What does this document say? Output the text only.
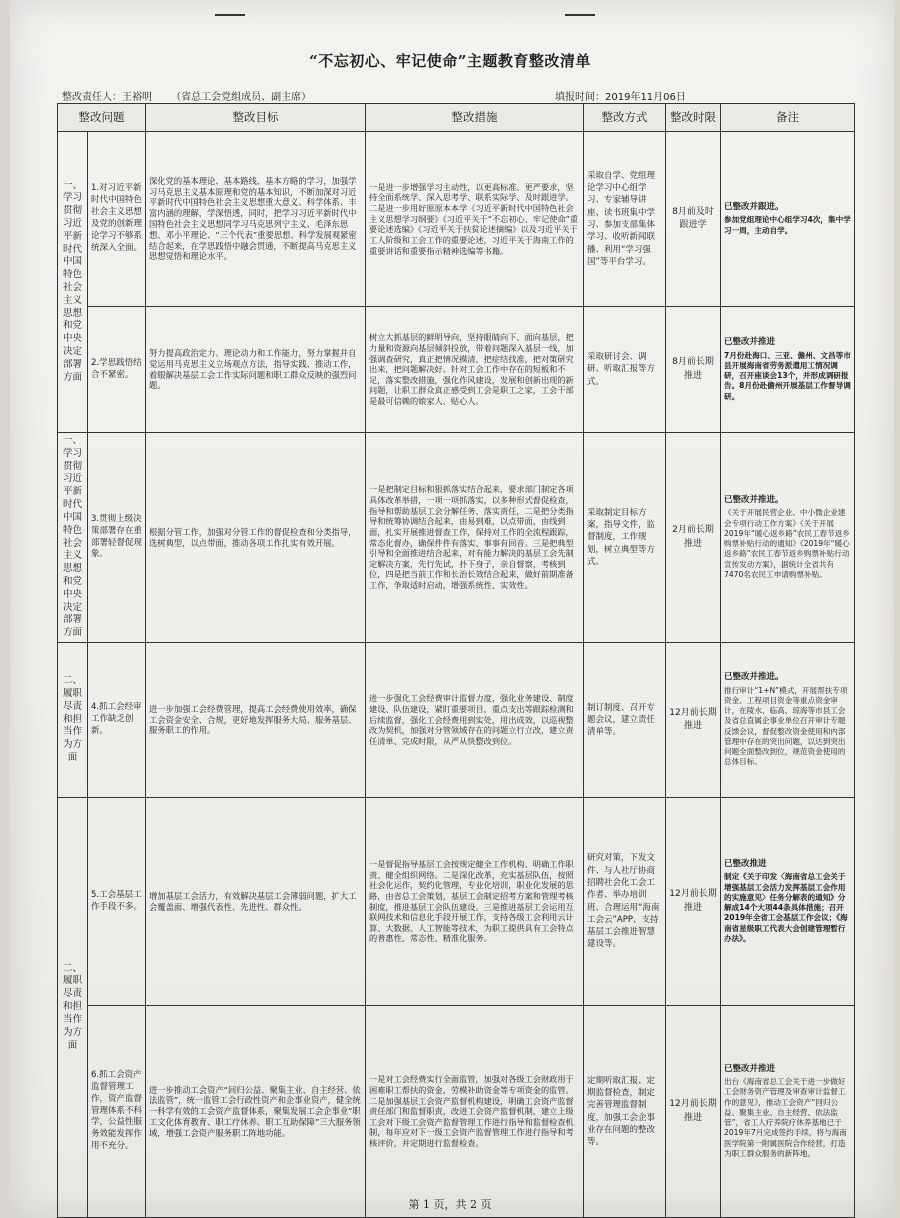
“不忘初心、牢记使命”主题教育整改清单
整改责任人：王裕明 （省总工会党组成员、副主席）	填报时间：2019年11月06日
整改问题		整改目标	整改措施	整改方式	整改时限	备注
一、学习贯彻习近平新时代中国特色社会主义思想和党中央决定部署方面	1.对习近平新时代中国特色社会主义思想及党的创新理论学习不够系统深入全面。	深化党的基本理论、基本路线、基本方略的学习，加强学习马克思主义基本原理和党的基本知识，不断加深对习近平新时代中国特色社会主义思想重大意义、科学体系、丰富内涵的理解，学深悟透，同时，把学习习近平新时代中国特色社会主义思想同学习马克思列宁主义、毛泽东思想、邓小平理论、“三个代表”重要思想、科学发展观紧密结合起来，在学思践悟中融会贯通，不断提高马克思主义思想觉悟和理论水平。	一是进一步增强学习主动性，以更高标准、更严要求，坚持全面系统学、深入思考学、联系实际学、及时跟进学。二是进一步用好原原本本学《习近平新时代中国特色社会主义思想学习纲要》《习近平关于“不忘初心、牢记使命”重要论述选编》《习近平关于扶贫论述摘编》以及习近平关于工人阶级和工会工作的重要论述，习近平关于海南工作的重要讲话和重要指示精神选编等书籍。	采取自学、党组理论学习中心组学习、专家辅导讲座、读书班集中学习、参加支部集体学习、收听新闻联播、利用“学习强国”等平台学习。	8月前及时跟进学	已整改并跟进。
参加党组理论中心组学习4次，集中学习一周，主动自学。

	2.学思践悟结合不紧密。	努力提高政治定力、理论动力和工作能力，努力掌握并自觉运用马克思主义立场观点方法，指导实践、推动工作，着眼解决基层工会工作实际问题和职工群众反映的强烈问题。	树立大抓基层的鲜明导向，坚持眼睛向下、面向基层，把力量和资源向基层倾斜投放，带着问题深入基层一线，加强调查研究，真正把情况摸清，把症结找准，把对策研究出来，把问题解决好。针对工会工作中存在的短板和不足，落实整改措施，强化作风建设，发展和创新出现的新问题，让职工群众真正感受到工会是职工之家，工会干部是最可信赖的娘家人、贴心人。	采取研讨会、调研、听取汇报等方式。	8月前长期推进	已整改并推进
7月份赴海口、三亚、儋州、文昌等市县开展海南省劳务派遣用工情况调研，召开座谈会13个，并形成调研报告。8月份赴儋州开展基层工作督导调研。

一、学习贯彻习近平新时代中国特色社会主义思想和党中央决定部署方面	3.贯彻上级决策部署存在重部署轻督促现象。	根据分管工作，加强对分管工作的督促检查和分类指导，选树典型，以点带面，推动各项工作扎实有效开展。	一是把制定目标和狠抓落实结合起来，要求部门制定各项具体改革举措，一项一项抓落实，以多种形式督促检查，指导和帮助基层工会分解任务、落实责任，二是把分类指导和统筹协调结合起来，由易到难，以点带面，由线到面，扎实开展推进督查工作，保持对工作的全流程跟踪，常态化督办，确保件件有落实、事事有回音。三是把典型引导和全面推进结合起来，对有能力解决的基层工会先制定解决方案，先行先试，扑下身子，亲自督察，考核到位，四是把当前工作和长治长效结合起来，做好前期准备工作，争取适时启动，增强系统性、实效性。	采取制定目标方案，指导文件，监督制度，工作规划，树立典型等方式。	2月前长期推进	已整改并推进。
《关于开展民营企业、中小微企业建会专项行动工作方案》《关于开展2019年“暖心返乡路”农民工春节返乡购票补贴行动的通知》《2019年“暖心返乡路”农民工春节返乡购票补贴行动宣传发动方案》，据统计全省共有7470名农民工申请购票补贴。

二、履职尽责和担当作为方面	4.抓工会经审工作缺乏创新。	进一步加强工会经费管理，提高工会经费使用效率，确保工会资金安全、合规，更好地发挥服务大局、服务基层、服务职工的作用。	进一步强化工会经费审计监督力度，强化业务建设、制度建设、队伍建设，紧盯重要项目，重点支出等跟踪检测和后续监督，强化工会经费用到实处，用出成效，以巡视整改为契机，加强对分管领域存在的问题立行立改，建立责任清单、完成时限，从严从快整改到位。	制订制度、召开专题会议，建立责任清单等。	12月前长期推进	已整改并推进。
推行审计“1+N”模式，开展帮扶专项资金、工程项目资金等重点资金审计，在陵水、临高、琼海等市县工会及省总直属企事业单位召开审计专题反馈会议，督促整改资金使用和内部管理中存在的突出问题，以达到突出问题全面整改到位，规范资金使用的总体目标。

二、履职尽责和担当作为方面	5.工会基层工作手段不多。	增加基层工会活力，有效解决基层工会薄弱问题，扩大工会覆盖面、增强代表性、先进性、群众性。	一是督促指导基层工会按规定健全工作机构、明确工作职责、健全组织网络。二是深化改革，充实基层队伍，按照社会化运作，契约化管理，专业化培训，职业化发展的思路，由省总工会策划，基层工会制定招考方案和管理考核制度，推进基层工会队伍建设。三是推进基层工会运用互联网技术和信息化手段开展工作，支持各级工会利用云计算、大数据、人工智能等技术，为职工提供具有工会特点的普惠性、常态性、精准化服务。	研究对策，下发文件、与人社厅协商招聘社会化工会工作者、举办培训班、合理运用“海南工会云”APP、支持基层工会推进智慧建设等。	12月前长期推进	已整改推进
制定《关于印发〈海南省总工会关于增强基层工会活力发挥基层工会作用的实施意见〉任务分解表的通知》分解成14个大项44条具体措施；召开2019年全省工会基层工作会议；《海南省星级职工代表大会创建管理暂行办法》。

	6.抓工会资产监督管理工作，资产监督管理体系不科学，公益性服务效能发挥作用不充分。	进一步推动工会资产“回归公益、聚集主业、自主经营、依法监管”，统一监管工会行政性资产和企事业资产，健全统一科学有效的工会资产监督体系，聚集发展工会企事业“职工文化体育教育、职工疗休养、职工互助保障”三大服务领域，增强工会资产服务职工阵地功能。	一是对工会经费实行全面监管，加强对各级工会财政用于困难职工帮扶的资金，劳模补助资金等专项资金的监管。二是加强基层工会资产监督机构建设，明确工会资产监督责任部门和监督职责，改进工会资产监督机制，建立上级工会对下级工会资产监督管理工作进行指导和监督检查机制，每年应对下一级工会资产监督管理工作进行指导和考核评价，并定期进行监督检查。	定期听取汇报、定期监督检查，制定完善管理监督制度，加强工会企事业存在问题的整改等。	12月前长期推进	已整改并推进
出台《海南省总工会关于进一步做好工会财务资产管理及审查审计监督工作的意见》，推动工会资产“回归公益、聚集主业、自主经营、依法监管”，省工人疗养院疗休养基地已于2019年7月完成签约手续，将与海南医学院第一附属医院合作经营，打造为职工群众服务的新阵地。
第 1 页，共 2 页
